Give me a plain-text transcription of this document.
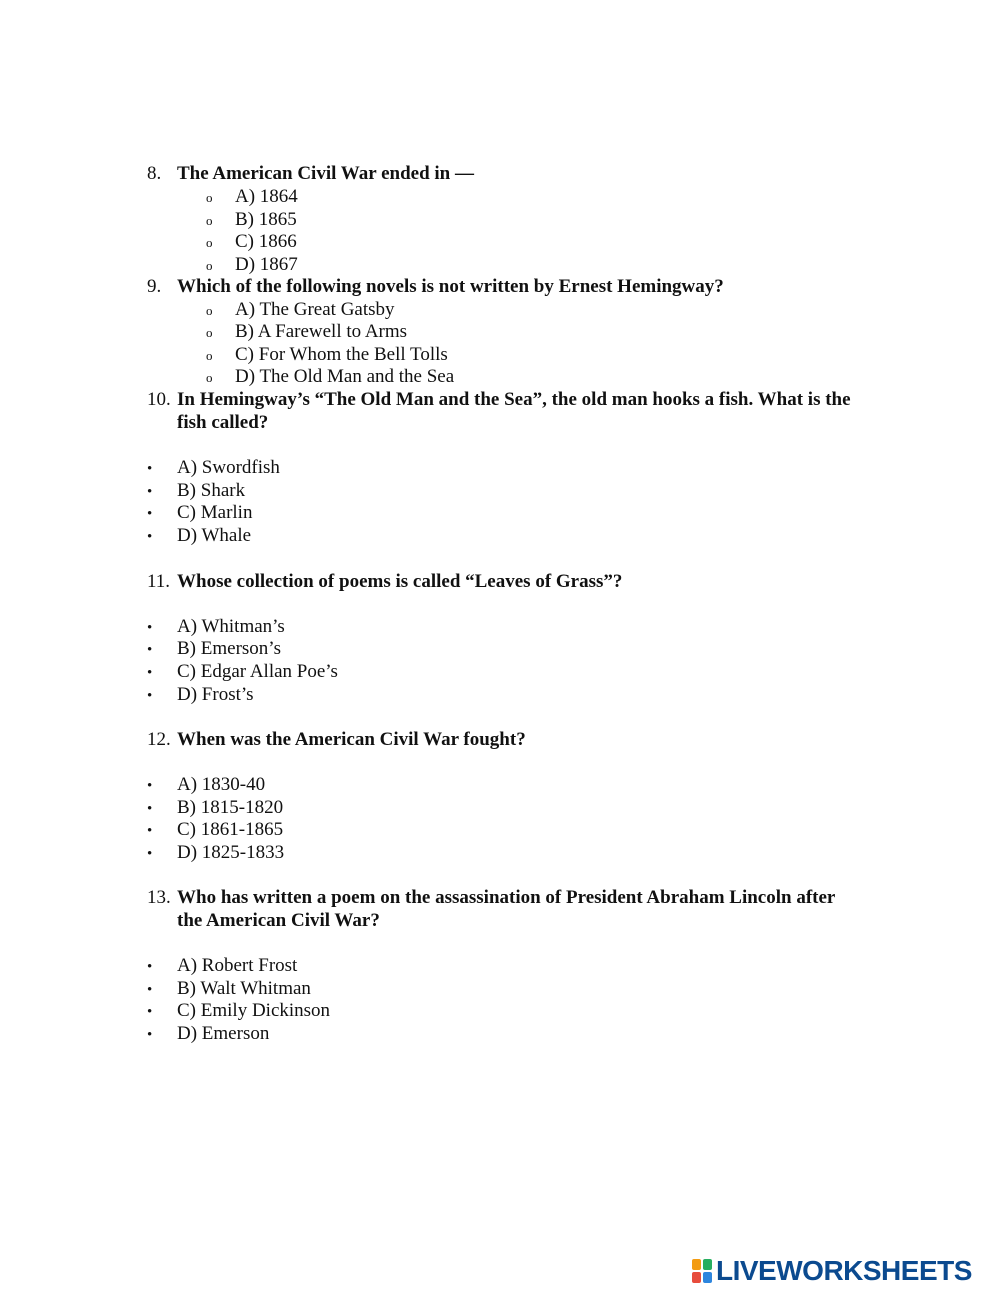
8. The American Civil War ended in —
o A) 1864
o B) 1865
o C) 1866
o D) 1867
9. Which of the following novels is not written by Ernest Hemingway?
o A) The Great Gatsby
o B) A Farewell to Arms
o C) For Whom the Bell Tolls
o D) The Old Man and the Sea
10. In Hemingway’s “The Old Man and the Sea”, the old man hooks a fish. What is the
fish called?
• A) Swordfish
• B) Shark
• C) Marlin
• D) Whale
11. Whose collection of poems is called “Leaves of Grass”?
• A) Whitman’s
• B) Emerson’s
• C) Edgar Allan Poe’s
• D) Frost’s
12. When was the American Civil War fought?
• A) 1830-40
• B) 1815-1820
• C) 1861-1865
• D) 1825-1833
13. Who has written a poem on the assassination of President Abraham Lincoln after
the American Civil War?
• A) Robert Frost
• B) Walt Whitman
• C) Emily Dickinson
• D) Emerson
LIVEWORKSHEETS
